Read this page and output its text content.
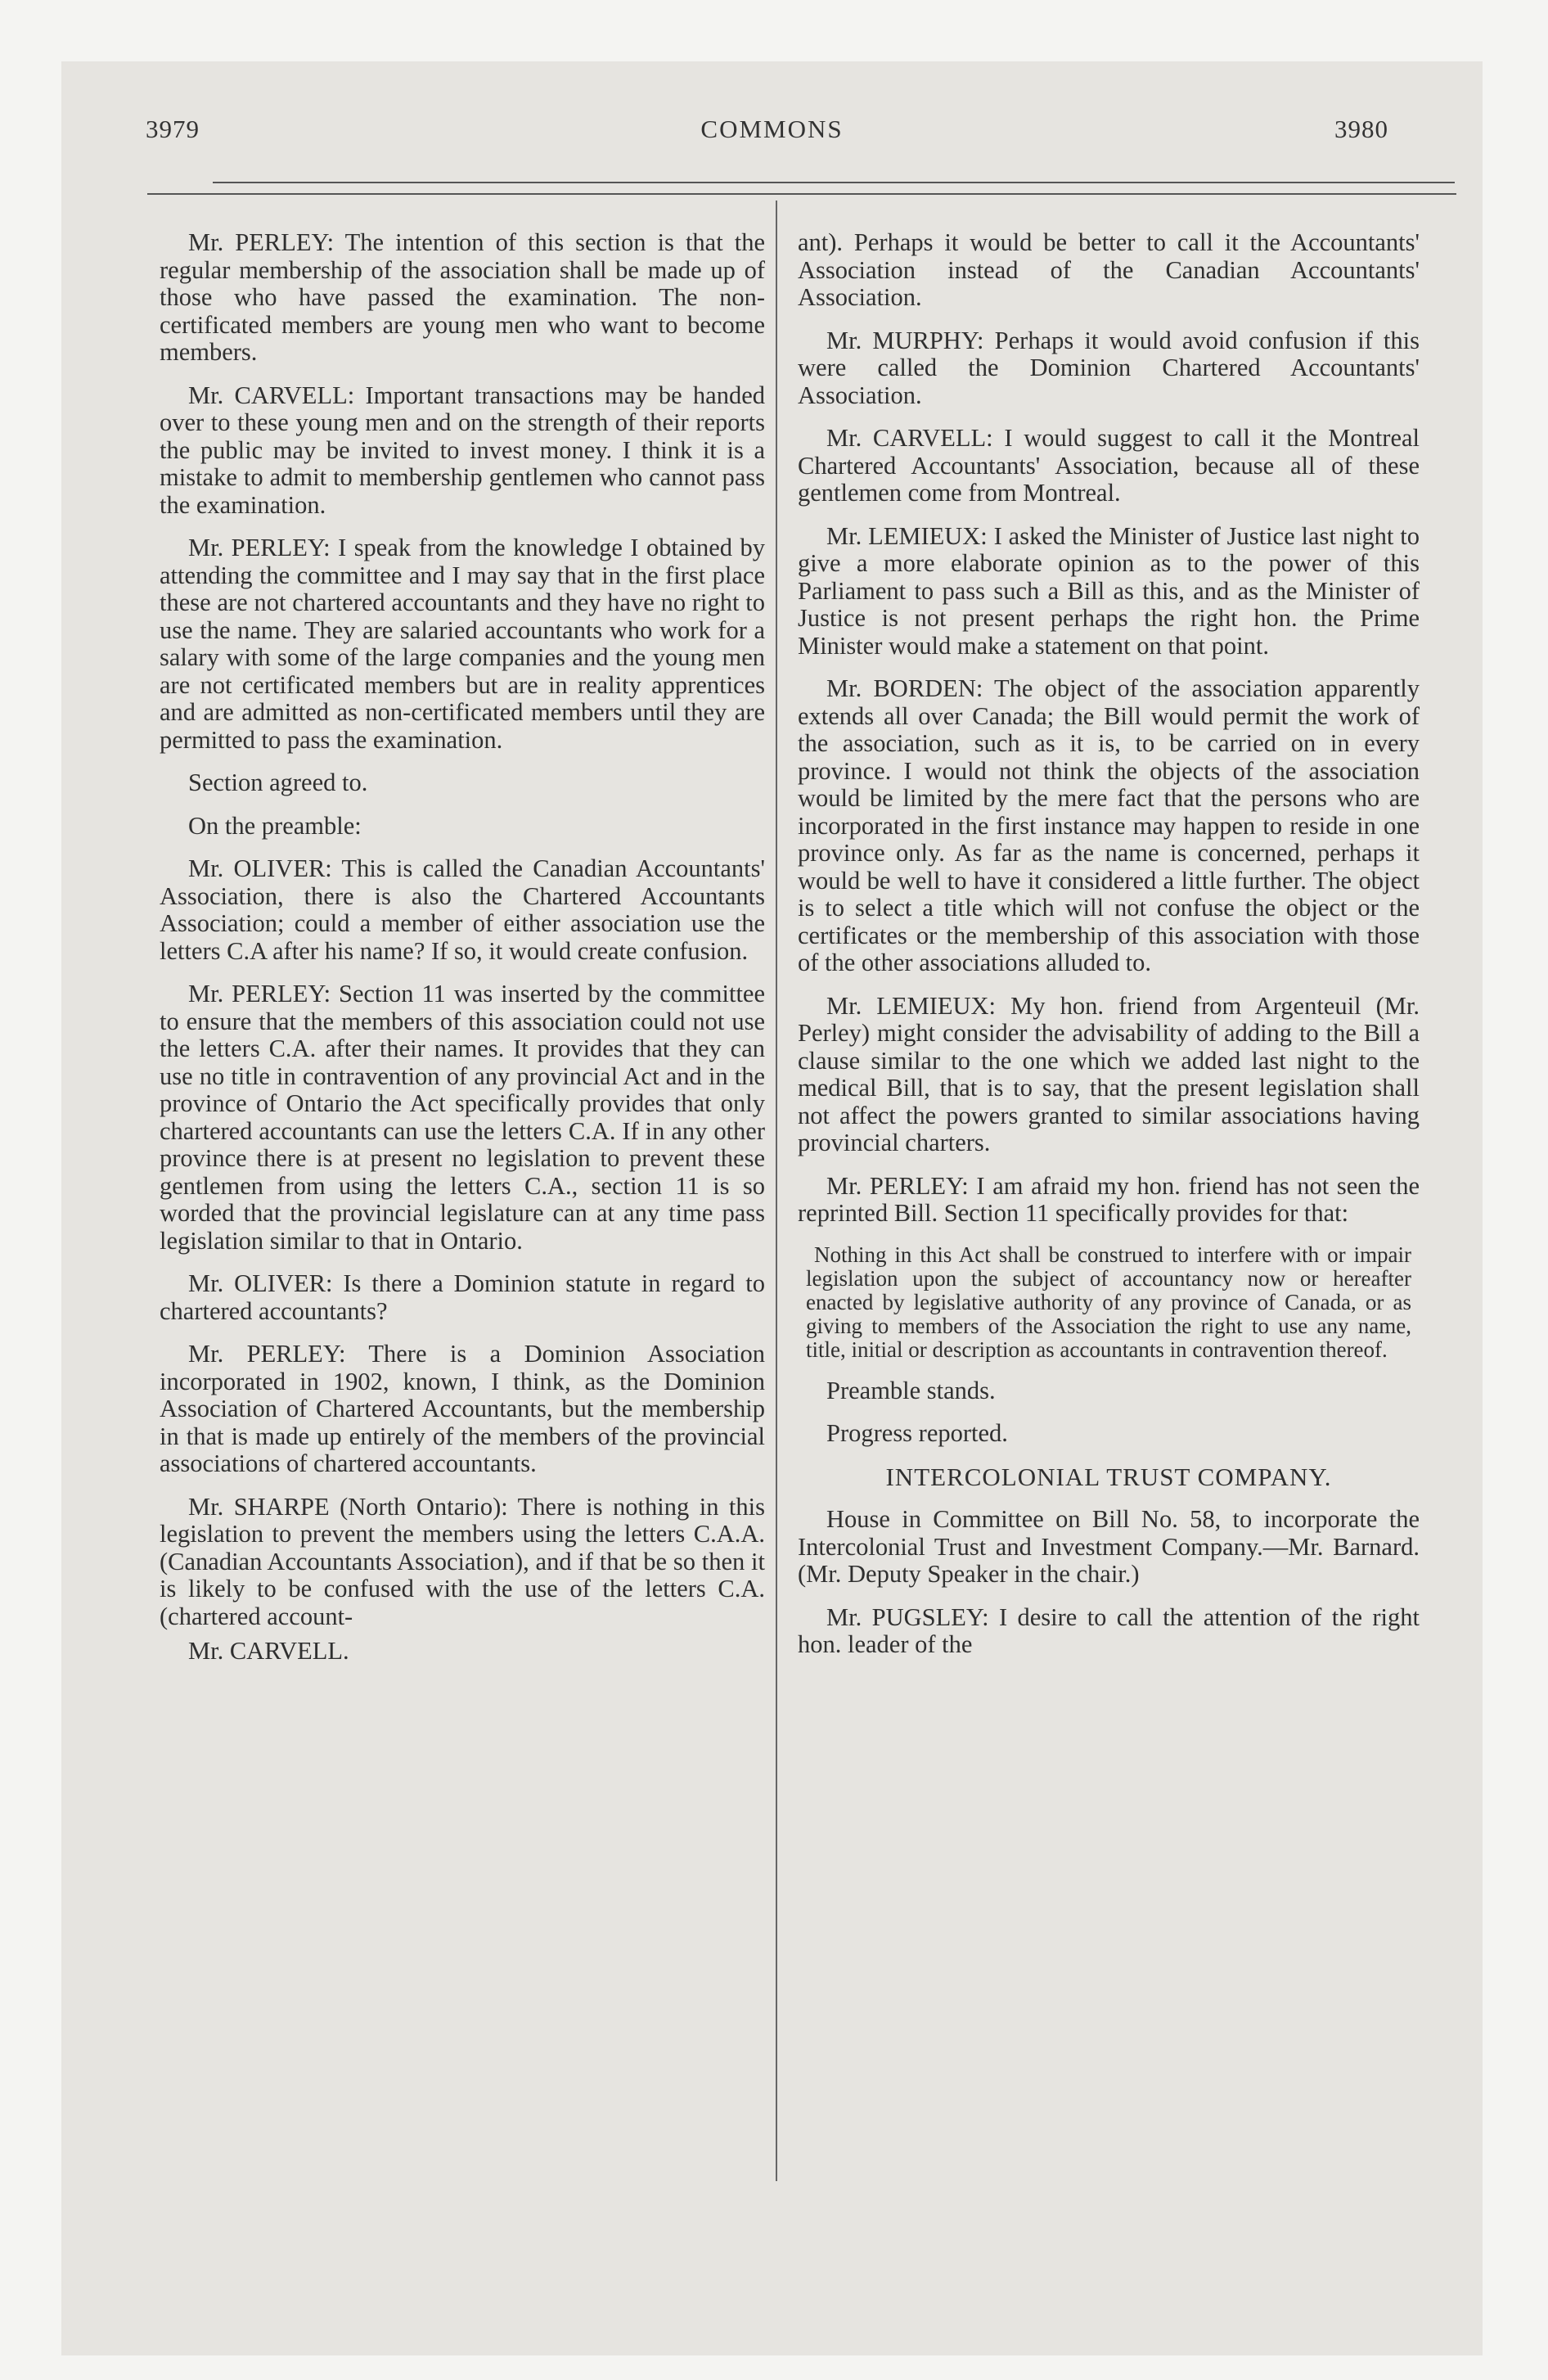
3979	COMMONS	3980

Mr. PERLEY: The intention of this section is that the regular membership of the association shall be made up of those who have passed the examination. The non-certificated members are young men who want to become members.

Mr. CARVELL: Important transactions may be handed over to these young men and on the strength of their reports the public may be invited to invest money. I think it is a mistake to admit to membership gentlemen who cannot pass the examination.

Mr. PERLEY: I speak from the knowledge I obtained by attending the committee and I may say that in the first place these are not chartered accountants and they have no right to use the name. They are salaried accountants who work for a salary with some of the large companies and the young men are not certificated members but are in reality apprentices and are admitted as non-certificated members until they are permitted to pass the examination.

Section agreed to.

On the preamble:

Mr. OLIVER: This is called the Canadian Accountants' Association, there is also the Chartered Accountants Association; could a member of either association use the letters C.A after his name? If so, it would create confusion.

Mr. PERLEY: Section 11 was inserted by the committee to ensure that the members of this association could not use the letters C.A. after their names. It provides that they can use no title in contravention of any provincial Act and in the province of Ontario the Act specifically provides that only chartered accountants can use the letters C.A. If in any other province there is at present no legislation to prevent these gentlemen from using the letters C.A., section 11 is so worded that the provincial legislature can at any time pass legislation similar to that in Ontario.

Mr. OLIVER: Is there a Dominion statute in regard to chartered accountants?

Mr. PERLEY: There is a Dominion Association incorporated in 1902, known, I think, as the Dominion Association of Chartered Accountants, but the membership in that is made up entirely of the members of the provincial associations of chartered accountants.

Mr. SHARPE (North Ontario): There is nothing in this legislation to prevent the members using the letters C.A.A. (Canadian Accountants Association), and if that be so then it is likely to be confused with the use of the letters C.A. (chartered account-

Mr. CARVELL.

ant). Perhaps it would be better to call it the Accountants' Association instead of the Canadian Accountants' Association.

Mr. MURPHY: Perhaps it would avoid confusion if this were called the Dominion Chartered Accountants' Association.

Mr. CARVELL: I would suggest to call it the Montreal Chartered Accountants' Association, because all of these gentlemen come from Montreal.

Mr. LEMIEUX: I asked the Minister of Justice last night to give a more elaborate opinion as to the power of this Parliament to pass such a Bill as this, and as the Minister of Justice is not present perhaps the right hon. the Prime Minister would make a statement on that point.

Mr. BORDEN: The object of the association apparently extends all over Canada; the Bill would permit the work of the association, such as it is, to be carried on in every province. I would not think the objects of the association would be limited by the mere fact that the persons who are incorporated in the first instance may happen to reside in one province only. As far as the name is concerned, perhaps it would be well to have it considered a little further. The object is to select a title which will not confuse the object or the certificates or the membership of this association with those of the other associations alluded to.

Mr. LEMIEUX: My hon. friend from Argenteuil (Mr. Perley) might consider the advisability of adding to the Bill a clause similar to the one which we added last night to the medical Bill, that is to say, that the present legislation shall not affect the powers granted to similar associations having provincial charters.

Mr. PERLEY: I am afraid my hon. friend has not seen the reprinted Bill. Section 11 specifically provides for that:

Nothing in this Act shall be construed to interfere with or impair legislation upon the subject of accountancy now or hereafter enacted by legislative authority of any province of Canada, or as giving to members of the Association the right to use any name, title, initial or description as accountants in contravention thereof.

Preamble stands.

Progress reported.

INTERCOLONIAL TRUST COMPANY.

House in Committee on Bill No. 58, to incorporate the Intercolonial Trust and Investment Company.—Mr. Barnard. (Mr. Deputy Speaker in the chair.)

Mr. PUGSLEY: I desire to call the attention of the right hon. leader of the
